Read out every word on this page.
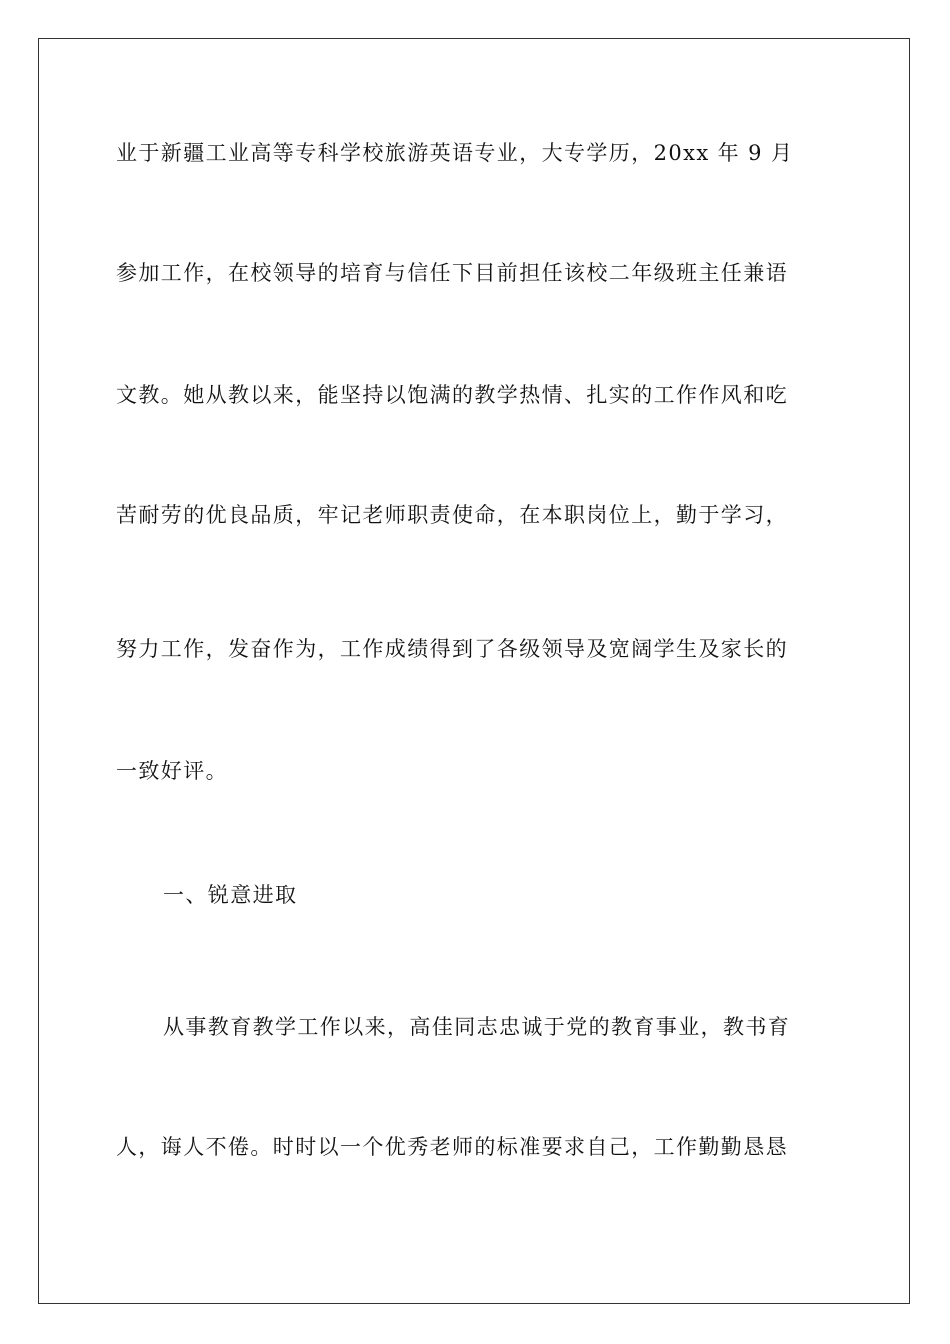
业于新疆工业高等专科学校旅游英语专业，大专学历，20xx 年 9 月
参加工作，在校领导的培育与信任下目前担任该校二年级班主任兼语
文教。她从教以来，能坚持以饱满的教学热情、扎实的工作作风和吃
苦耐劳的优良品质，牢记老师职责使命，在本职岗位上，勤于学习，
努力工作，发奋作为，工作成绩得到了各级领导及宽阔学生及家长的
一致好评。
一、锐意进取
从事教育教学工作以来，高佳同志忠诚于党的教育事业，教书育
人，诲人不倦。时时以一个优秀老师的标准要求自己，工作勤勤恳恳
